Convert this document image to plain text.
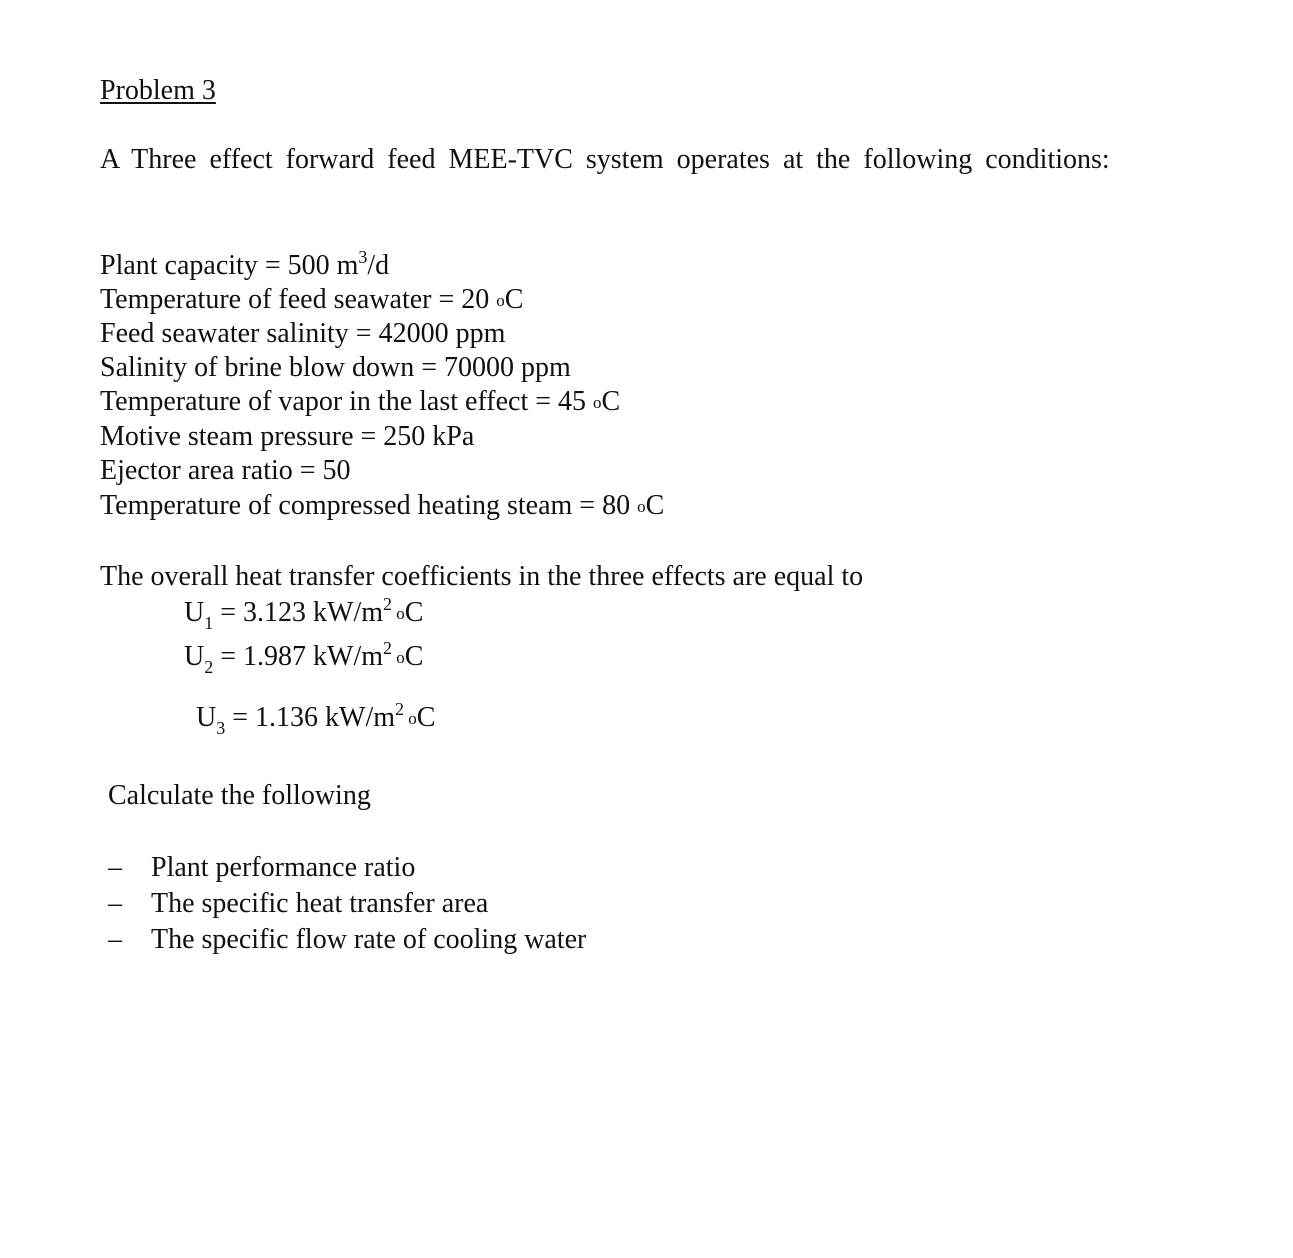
Problem 3
A Three effect forward feed MEE-TVC system operates at the following conditions:
Plant capacity = 500 $m^3/d$
Temperature of feed seawater = 20 oC
Feed seawater salinity = 42000 ppm
Salinity of brine blow down = 70000 ppm
Temperature of vapor in the last effect = 45 oC
Motive steam pressure = 250 kPa
Ejector area ratio = 50
Temperature of compressed heating steam = 80 oC
The overall heat transfer coefficients in the three effects are equal to
$U_1 = 3.123$ $kW/m^2$ oC
$U_2 = 1.987$ $kW/m^2$ oC
$U_3 = 1.136$ $kW/m^2$ oC
Calculate the following
– Plant performance ratio
– The specific heat transfer area
– The specific flow rate of cooling water
